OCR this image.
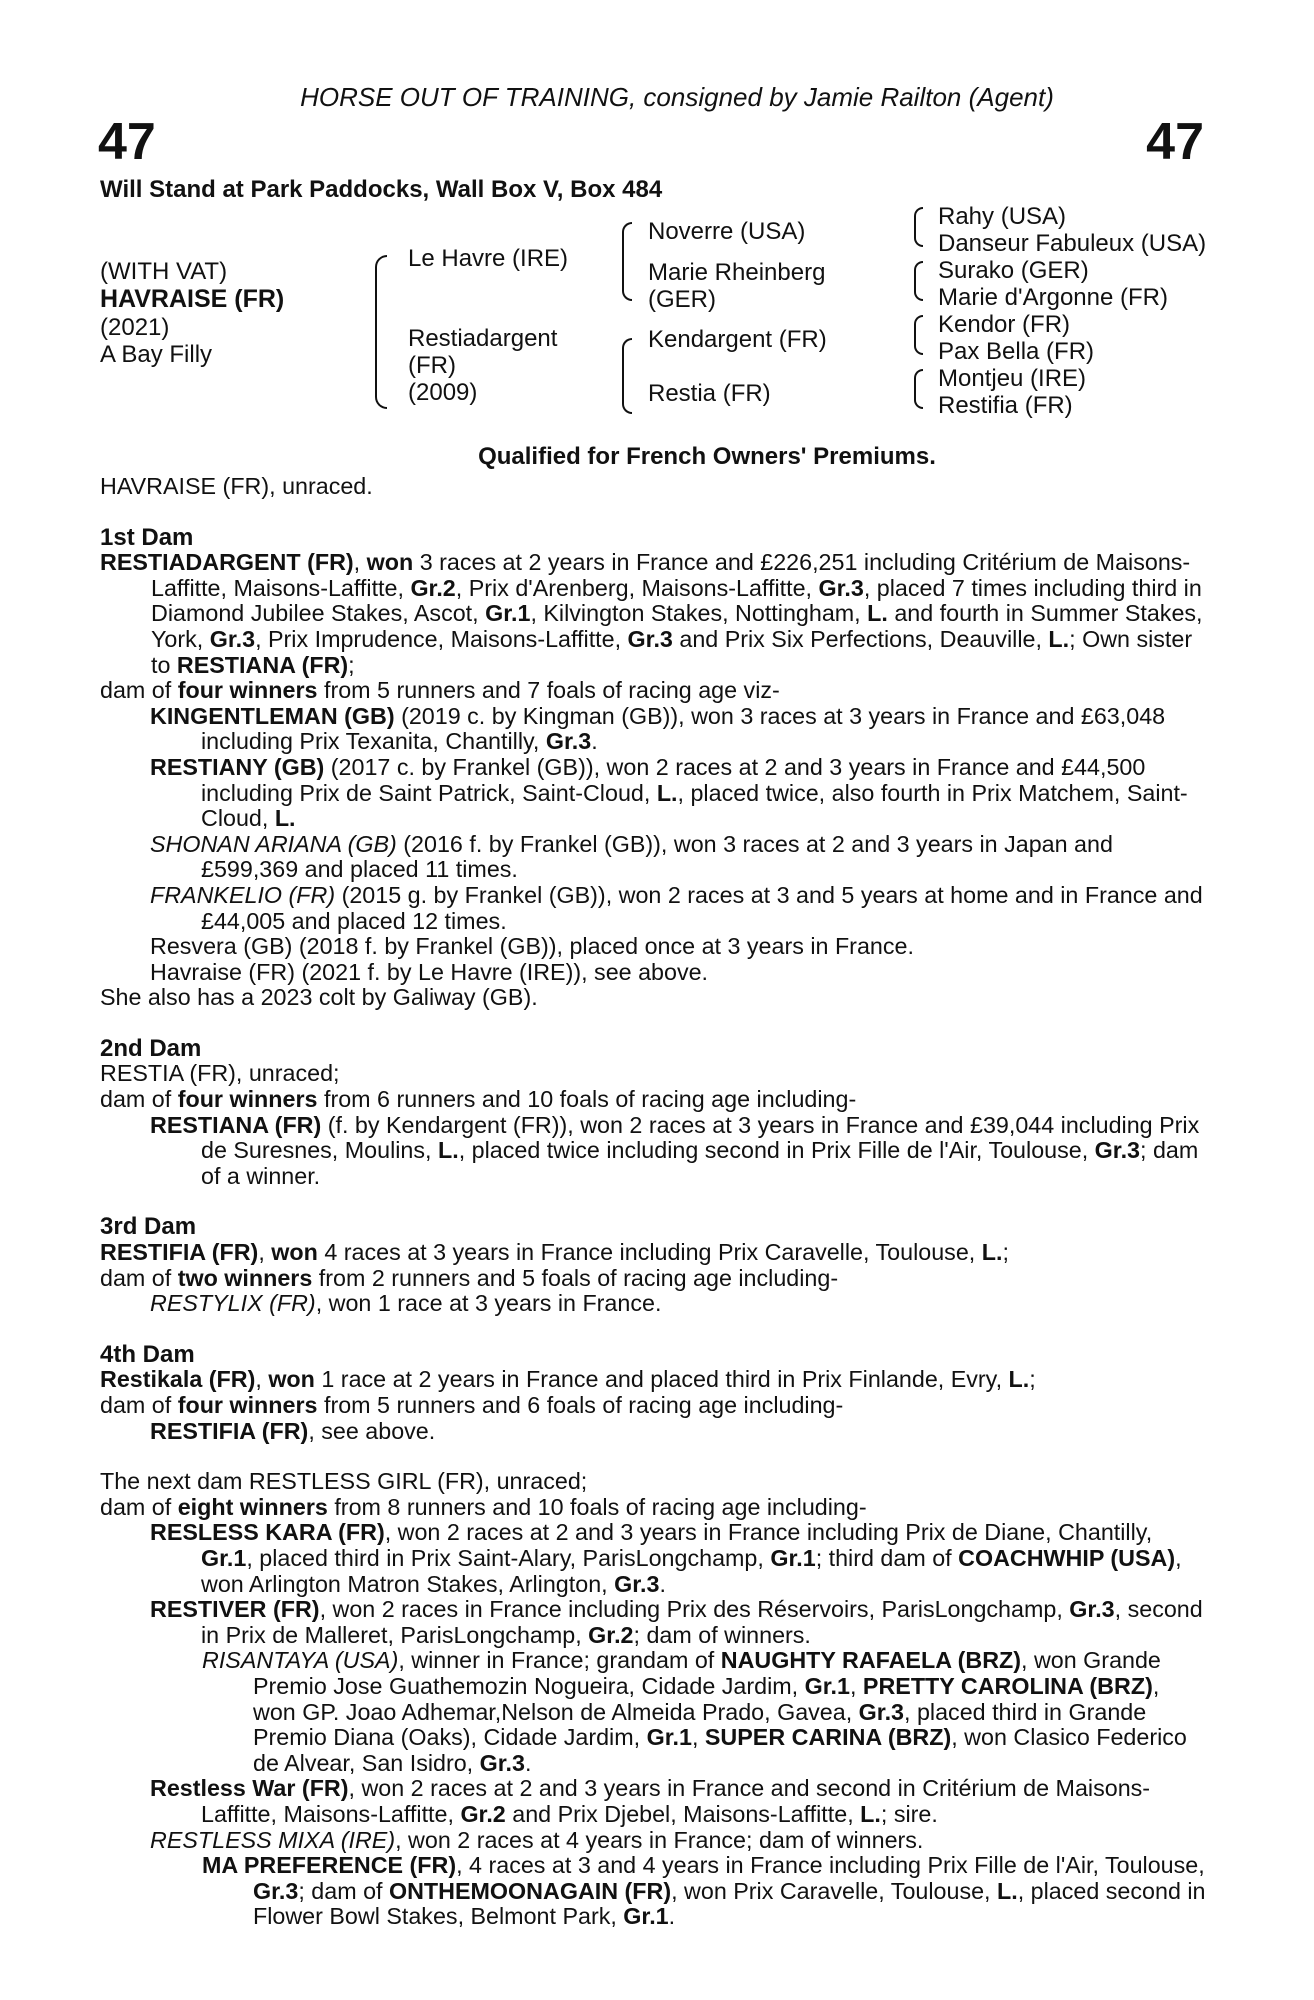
HORSE OUT OF TRAINING, consigned by Jamie Railton (Agent)
47	47
Will Stand at Park Paddocks, Wall Box V, Box 484
(WITH VAT)
HAVRAISE (FR)
(2021)
A Bay Filly
Le Havre (IRE)
Restiadargent
(FR)
(2009)
Noverre (USA)
Marie Rheinberg
(GER)
Kendargent (FR)
Restia (FR)
Rahy (USA)
Danseur Fabuleux (USA)
Surako (GER)
Marie d'Argonne (FR)
Kendor (FR)
Pax Bella (FR)
Montjeu (IRE)
Restifia (FR)
Qualified for French Owners' Premiums.

HAVRAISE (FR), unraced.

1st Dam

RESTIADARGENT (FR), won 3 races at 2 years in France and £226,251 including Critérium de Maisons-Laffitte, Maisons-Laffitte, Gr.2, Prix d'Arenberg, Maisons-Laffitte, Gr.3, placed 7 times including third in Diamond Jubilee Stakes, Ascot, Gr.1, Kilvington Stakes, Nottingham, L. and fourth in Summer Stakes, York, Gr.3, Prix Imprudence, Maisons-Laffitte, Gr.3 and Prix Six Perfections, Deauville, L.; Own sister to RESTIANA (FR);

dam of four winners from 5 runners and 7 foals of racing age viz-

KINGENTLEMAN (GB) (2019 c. by Kingman (GB)), won 3 races at 3 years in France and £63,048 including Prix Texanita, Chantilly, Gr.3.

RESTIANY (GB) (2017 c. by Frankel (GB)), won 2 races at 2 and 3 years in France and £44,500 including Prix de Saint Patrick, Saint-Cloud, L., placed twice, also fourth in Prix Matchem, Saint-Cloud, L.

SHONAN ARIANA (GB) (2016 f. by Frankel (GB)), won 3 races at 2 and 3 years in Japan and £599,369 and placed 11 times.

FRANKELIO (FR) (2015 g. by Frankel (GB)), won 2 races at 3 and 5 years at home and in France and £44,005 and placed 12 times.

Resvera (GB) (2018 f. by Frankel (GB)), placed once at 3 years in France.

Havraise (FR) (2021 f. by Le Havre (IRE)), see above.

She also has a 2023 colt by Galiway (GB).

2nd Dam

RESTIA (FR), unraced;

dam of four winners from 6 runners and 10 foals of racing age including-

RESTIANA (FR) (f. by Kendargent (FR)), won 2 races at 3 years in France and £39,044 including Prix de Suresnes, Moulins, L., placed twice including second in Prix Fille de l'Air, Toulouse, Gr.3; dam of a winner.

3rd Dam

RESTIFIA (FR), won 4 races at 3 years in France including Prix Caravelle, Toulouse, L.;

dam of two winners from 2 runners and 5 foals of racing age including-

RESTYLIX (FR), won 1 race at 3 years in France.

4th Dam

Restikala (FR), won 1 race at 2 years in France and placed third in Prix Finlande, Evry, L.;

dam of four winners from 5 runners and 6 foals of racing age including-

RESTIFIA (FR), see above.

The next dam RESTLESS GIRL (FR), unraced;

dam of eight winners from 8 runners and 10 foals of racing age including-

RESLESS KARA (FR), won 2 races at 2 and 3 years in France including Prix de Diane, Chantilly, Gr.1, placed third in Prix Saint-Alary, ParisLongchamp, Gr.1; third dam of COACHWHIP (USA), won Arlington Matron Stakes, Arlington, Gr.3.

RESTIVER (FR), won 2 races in France including Prix des Réservoirs, ParisLongchamp, Gr.3, second in Prix de Malleret, ParisLongchamp, Gr.2; dam of winners.

RISANTAYA (USA), winner in France; grandam of NAUGHTY RAFAELA (BRZ), won Grande Premio Jose Guathemozin Nogueira, Cidade Jardim, Gr.1, PRETTY CAROLINA (BRZ), won GP. Joao Adhemar,Nelson de Almeida Prado, Gavea, Gr.3, placed third in Grande Premio Diana (Oaks), Cidade Jardim, Gr.1, SUPER CARINA (BRZ), won Clasico Federico de Alvear, San Isidro, Gr.3.

Restless War (FR), won 2 races at 2 and 3 years in France and second in Critérium de Maisons-Laffitte, Maisons-Laffitte, Gr.2 and Prix Djebel, Maisons-Laffitte, L.; sire.

RESTLESS MIXA (IRE), won 2 races at 4 years in France; dam of winners.

MA PREFERENCE (FR), 4 races at 3 and 4 years in France including Prix Fille de l'Air, Toulouse, Gr.3; dam of ONTHEMOONAGAIN (FR), won Prix Caravelle, Toulouse, L., placed second in Flower Bowl Stakes, Belmont Park, Gr.1.
